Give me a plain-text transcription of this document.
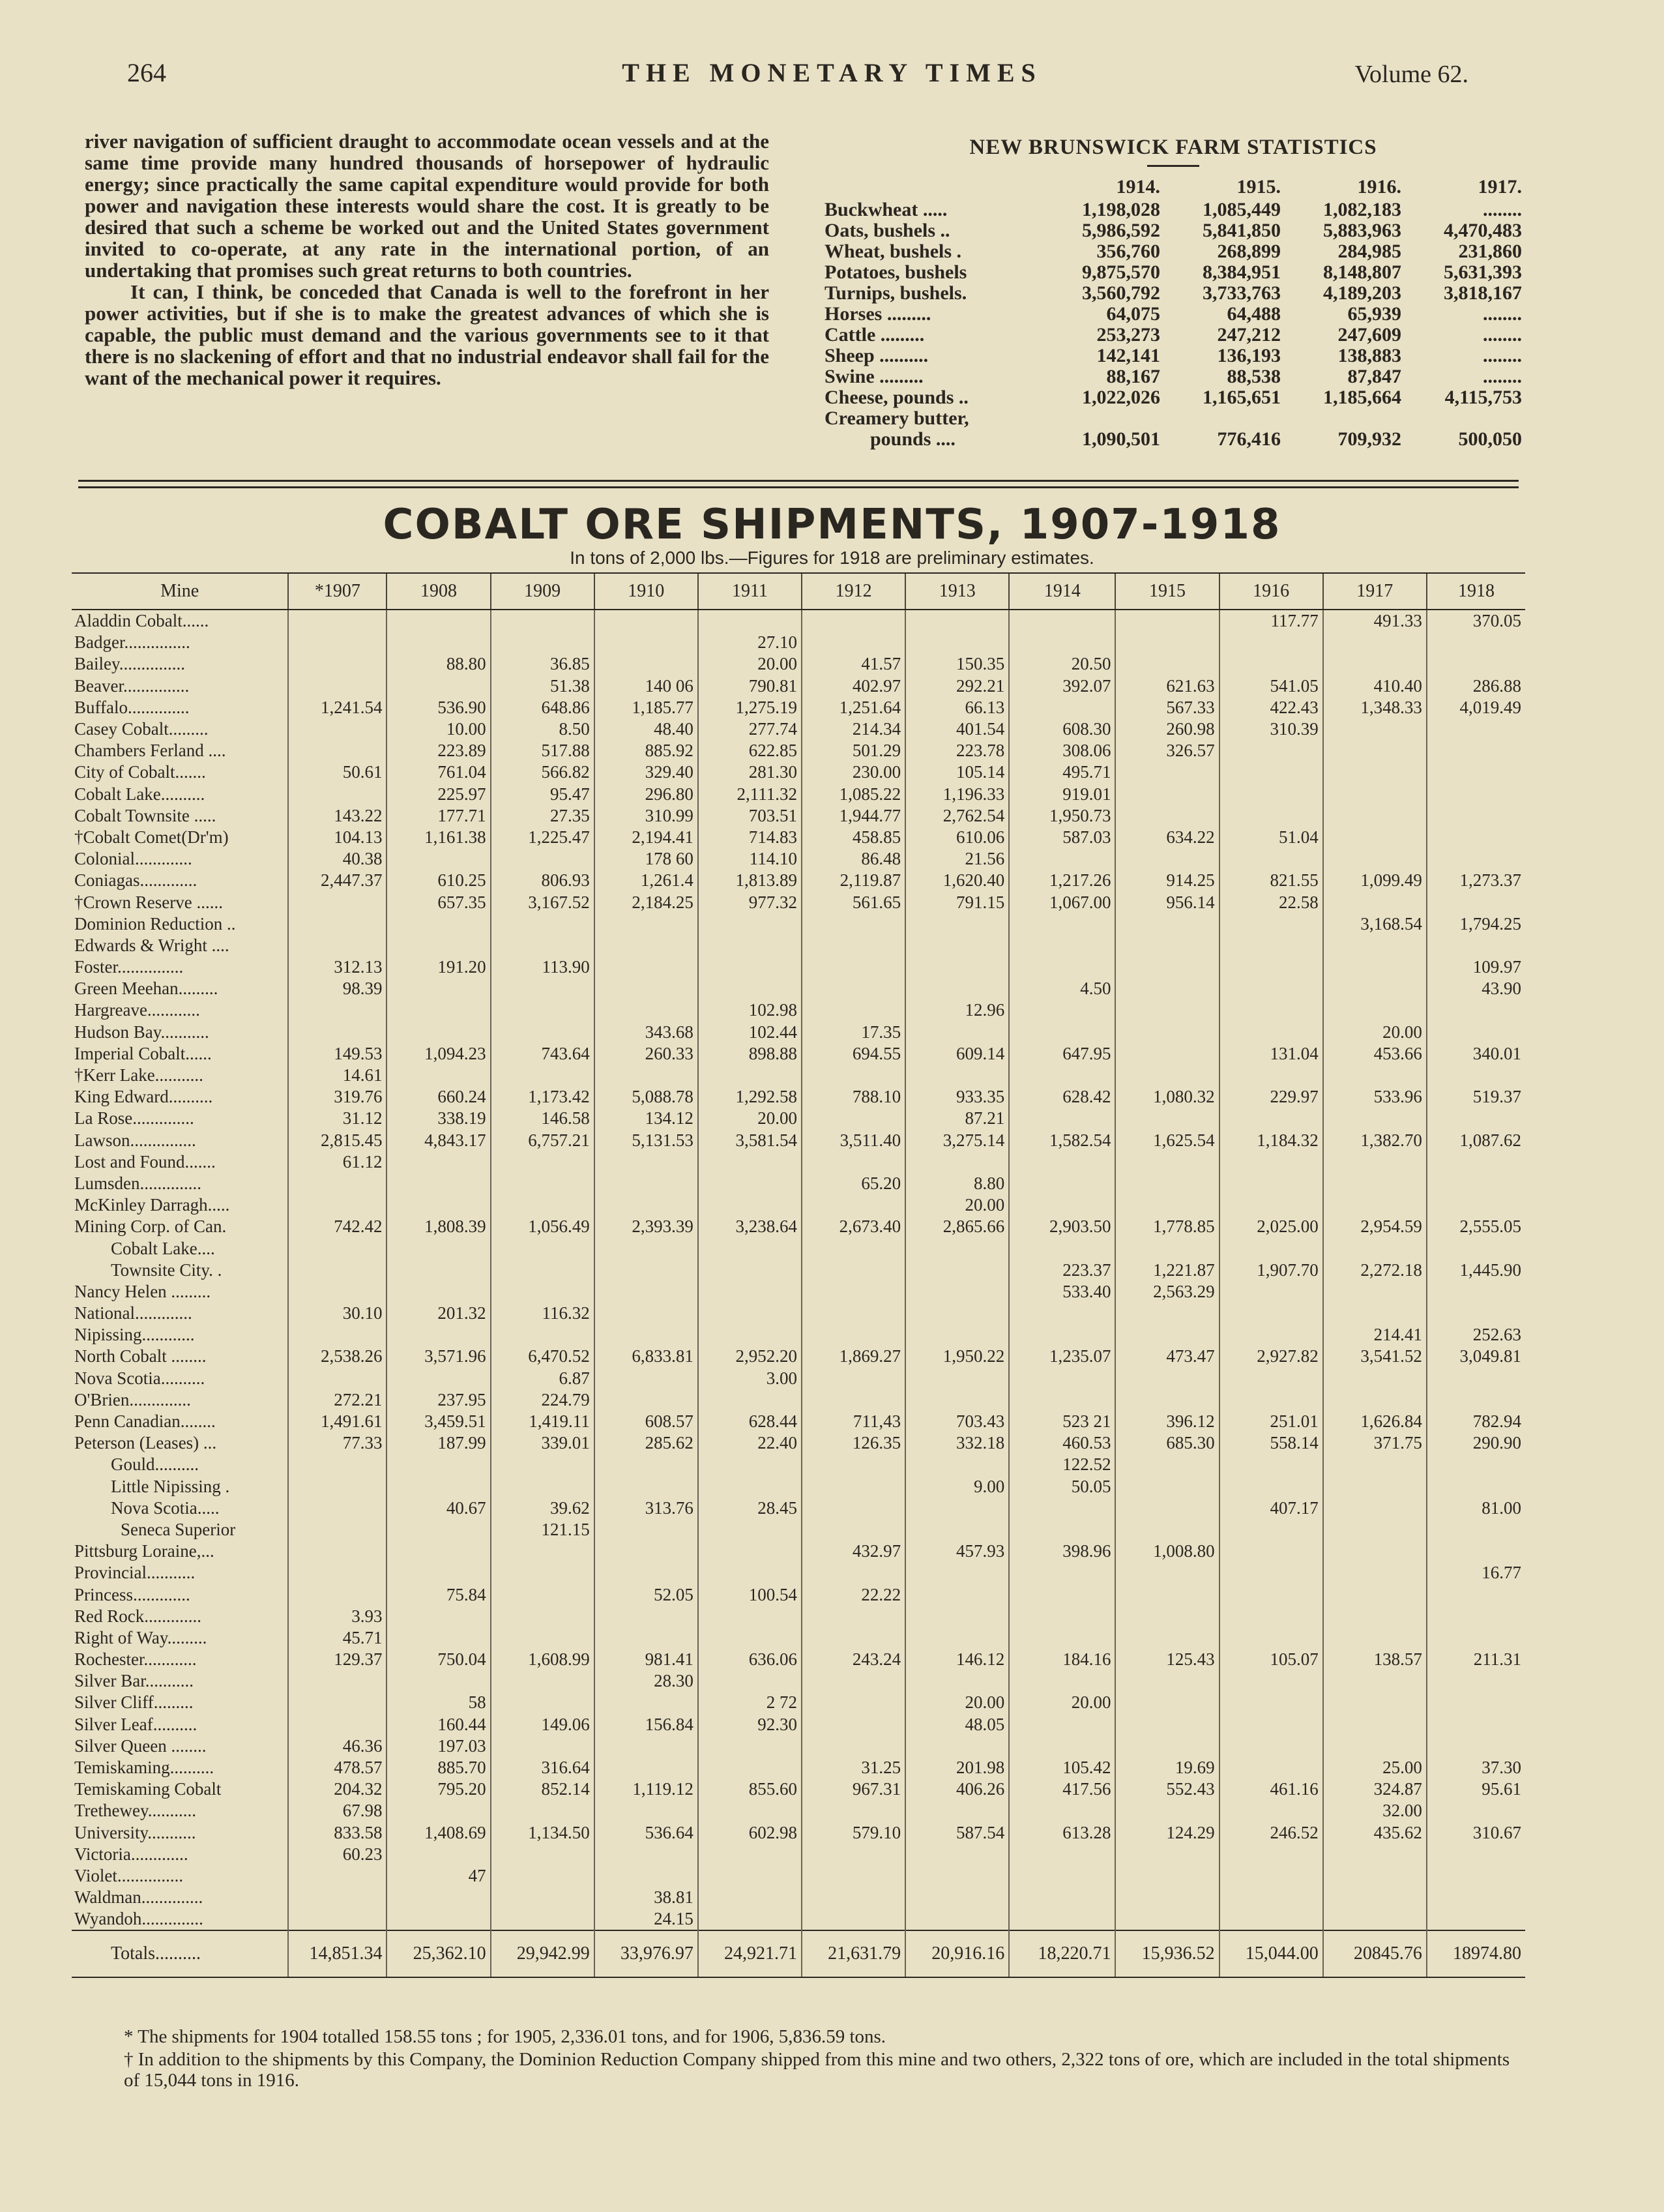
264	THE MONETARY TIMES	Volume 62.

river navigation of sufficient draught to accommodate ocean vessels and at the same time provide many hundred thousands of horsepower of hydraulic energy; since practically the same capital expenditure would provide for both power and navigation these interests would share the cost. It is greatly to be desired that such a scheme be worked out and the United States government invited to co-operate, at any rate in the international portion, of an undertaking that promises such great returns to both countries.

It can, I think, be conceded that Canada is well to the forefront in her power activities, but if she is to make the greatest advances of which she is capable, the public must demand and the various governments see to it that there is no slackening of effort and that no industrial endeavor shall fail for the want of the mechanical power it requires.

NEW BRUNSWICK FARM STATISTICS
	1914.	1915.	1916.	1917.
Buckwheat .....	1,198,028	1,085,449	1,082,183	........
Oats, bushels ..	5,986,592	5,841,850	5,883,963	4,470,483
Wheat, bushels .	356,760	268,899	284,985	231,860
Potatoes, bushels	9,875,570	8,384,951	8,148,807	5,631,393
Turnips, bushels.	3,560,792	3,733,763	4,189,203	3,818,167
Horses .........	64,075	64,488	65,939	........
Cattle .........	253,273	247,212	247,609	........
Sheep ..........	142,141	136,193	138,883	........
Swine .........	88,167	88,538	87,847	........
Cheese, pounds ..	1,022,026	1,165,651	1,185,664	4,115,753
Creamery butter,				
pounds ....	1,090,501	776,416	709,932	500,050
COBALT ORE SHIPMENTS, 1907-1918
In tons of 2,000 lbs.—Figures for 1918 are preliminary estimates.
Mine	*1907	1908	1909	1910	1911	1912	1913	1914	1915	1916	1917	1918
Aladdin Cobalt......										117.77	491.33	370.05
Badger...............					27.10							
Bailey...............		88.80	36.85		20.00	41.57	150.35	20.50				
Beaver...............			51.38	140 06	790.81	402.97	292.21	392.07	621.63	541.05	410.40	286.88
Buffalo..............	1,241.54	536.90	648.86	1,185.77	1,275.19	1,251.64	66.13		567.33	422.43	1,348.33	4,019.49
Casey Cobalt.........		10.00	8.50	48.40	277.74	214.34	401.54	608.30	260.98	310.39		
Chambers Ferland ....		223.89	517.88	885.92	622.85	501.29	223.78	308.06	326.57			
City of Cobalt.......	50.61	761.04	566.82	329.40	281.30	230.00	105.14	495.71				
Cobalt Lake..........		225.97	95.47	296.80	2,111.32	1,085.22	1,196.33	919.01				
Cobalt Townsite .....	143.22	177.71	27.35	310.99	703.51	1,944.77	2,762.54	1,950.73				
†Cobalt Comet(Dr'm)	104.13	1,161.38	1,225.47	2,194.41	714.83	458.85	610.06	587.03	634.22	51.04		
Colonial.............	40.38			178 60	114.10	86.48	21.56					
Coniagas.............	2,447.37	610.25	806.93	1,261.4	1,813.89	2,119.87	1,620.40	1,217.26	914.25	821.55	1,099.49	1,273.37
†Crown Reserve ......		657.35	3,167.52	2,184.25	977.32	561.65	791.15	1,067.00	956.14	22.58		
Dominion Reduction ..											3,168.54	1,794.25
Edwards & Wright ....												
Foster...............	312.13	191.20	113.90									109.97
Green Meehan.........	98.39							4.50				43.90
Hargreave............					102.98		12.96					
Hudson Bay...........				343.68	102.44	17.35					20.00	
Imperial Cobalt......	149.53	1,094.23	743.64	260.33	898.88	694.55	609.14	647.95		131.04	453.66	340.01
†Kerr Lake...........	14.61											
King Edward..........	319.76	660.24	1,173.42	5,088.78	1,292.58	788.10	933.35	628.42	1,080.32	229.97	533.96	519.37
La Rose..............	31.12	338.19	146.58	134.12	20.00		87.21					
Lawson...............	2,815.45	4,843.17	6,757.21	5,131.53	3,581.54	3,511.40	3,275.14	1,582.54	1,625.54	1,184.32	1,382.70	1,087.62
Lost and Found.......	61.12											
Lumsden..............						65.20	8.80					
McKinley Darragh.....							20.00					
Mining Corp. of Can.	742.42	1,808.39	1,056.49	2,393.39	3,238.64	2,673.40	2,865.66	2,903.50	1,778.85	2,025.00	2,954.59	2,555.05
Cobalt Lake....												
Townsite City. .								223.37	1,221.87	1,907.70	2,272.18	1,445.90
Nancy Helen .........								533.40	2,563.29			
National.............	30.10	201.32	116.32									
Nipissing............											214.41	252.63
North Cobalt ........	2,538.26	3,571.96	6,470.52	6,833.81	2,952.20	1,869.27	1,950.22	1,235.07	473.47	2,927.82	3,541.52	3,049.81
Nova Scotia..........			6.87		3.00							
O'Brien..............	272.21	237.95	224.79									
Penn Canadian........	1,491.61	3,459.51	1,419.11	608.57	628.44	711,43	703.43	523 21	396.12	251.01	1,626.84	782.94
Peterson (Leases) ...	77.33	187.99	339.01	285.62	22.40	126.35	332.18	460.53	685.30	558.14	371.75	290.90
Gould..........								122.52				
Little Nipissing .							9.00	50.05				
Nova Scotia.....		40.67	39.62	313.76	28.45					407.17		81.00
Seneca Superior			121.15									
Pittsburg Loraine,...						432.97	457.93	398.96	1,008.80			
Provincial...........												16.77
Princess.............		75.84		52.05	100.54	22.22						
Red Rock.............	3.93											
Right of Way.........	45.71											
Rochester............	129.37	750.04	1,608.99	981.41	636.06	243.24	146.12	184.16	125.43	105.07	138.57	211.31
Silver Bar...........				28.30								
Silver Cliff.........		58			2 72		20.00	20.00				
Silver Leaf..........		160.44	149.06	156.84	92.30		48.05					
Silver Queen ........	46.36	197.03										
Temiskaming..........	478.57	885.70	316.64			31.25	201.98	105.42	19.69		25.00	37.30
Temiskaming Cobalt	204.32	795.20	852.14	1,119.12	855.60	967.31	406.26	417.56	552.43	461.16	324.87	95.61
Trethewey...........	67.98										32.00	
University...........	833.58	1,408.69	1,134.50	536.64	602.98	579.10	587.54	613.28	124.29	246.52	435.62	310.67
Victoria.............	60.23											
Violet...............		47										
Waldman..............				38.81								
Wyandoh..............				24.15								
Totals..........	14,851.34	25,362.10	29,942.99	33,976.97	24,921.71	21,631.79	20,916.16	18,220.71	15,936.52	15,044.00	20845.76	18974.80
* The shipments for 1904 totalled 158.55 tons ; for 1905, 2,336.01 tons, and for 1906, 5,836.59 tons.
† In addition to the shipments by this Company, the Dominion Reduction Company shipped from this mine and two others, 2,322 tons of ore, which are included in the total shipments of 15,044 tons in 1916.
